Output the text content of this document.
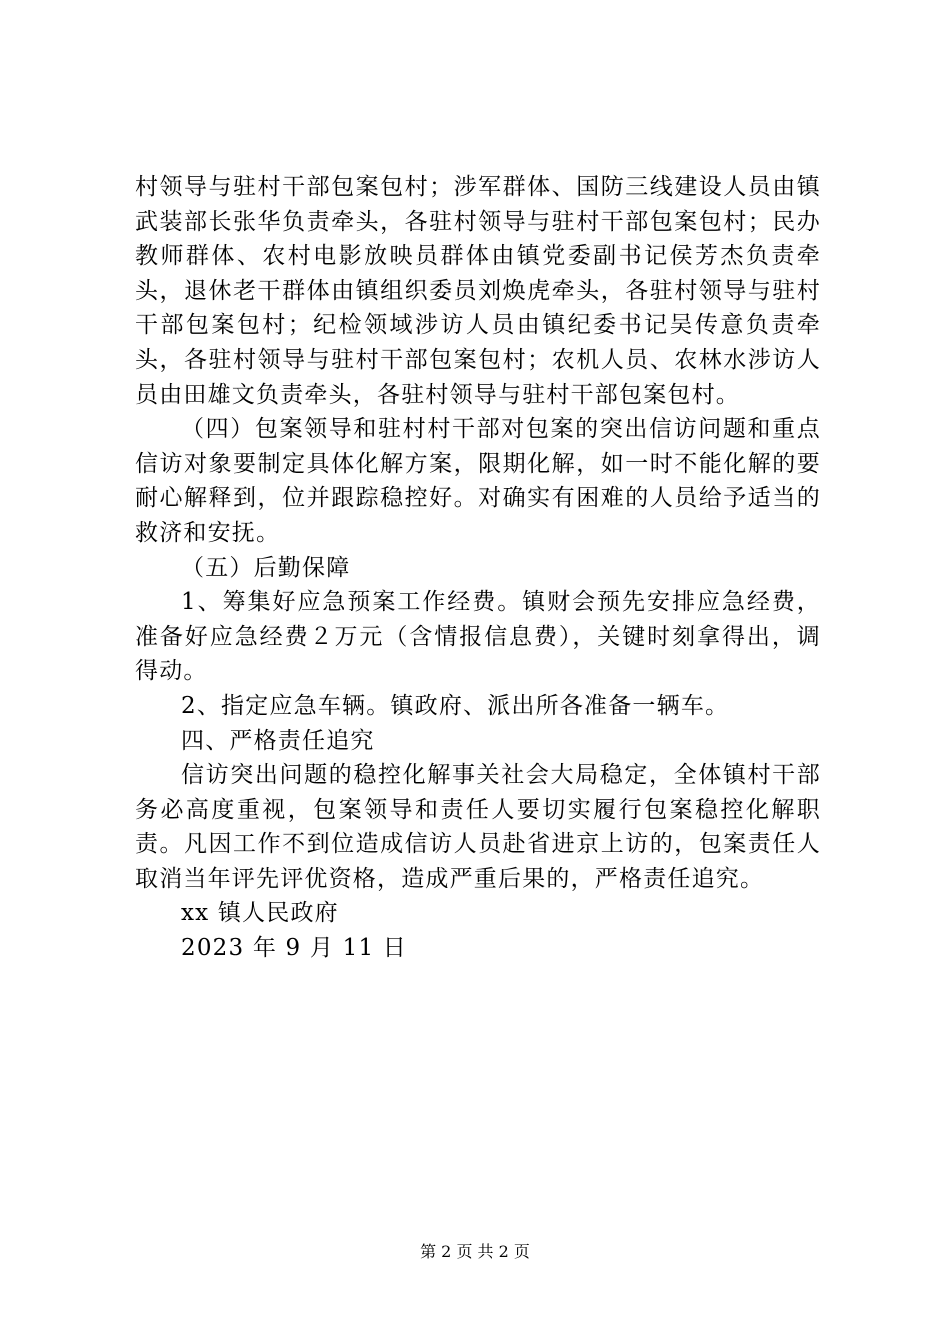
村领导与驻村干部包案包村；涉军群体、国防三线建设人员由镇武装部长张华负责牵头，各驻村领导与驻村干部包案包村；民办教师群体、农村电影放映员群体由镇党委副书记侯芳杰负责牵头，退休老干群体由镇组织委员刘焕虎牵头，各驻村领导与驻村干部包案包村；纪检领域涉访人员由镇纪委书记吴传意负责牵头，各驻村领导与驻村干部包案包村；农机人员、农林水涉访人员由田雄文负责牵头，各驻村领导与驻村干部包案包村。

（四）包案领导和驻村村干部对包案的突出信访问题和重点信访对象要制定具体化解方案，限期化解，如一时不能化解的要耐心解释到，位并跟踪稳控好。对确实有困难的人员给予适当的救济和安抚。

（五）后勤保障

1、筹集好应急预案工作经费。镇财会预先安排应急经费，准备好应急经费２万元（含情报信息费），关键时刻拿得出，调得动。

2、指定应急车辆。镇政府、派出所各准备一辆车。

四、严格责任追究

信访突出问题的稳控化解事关社会大局稳定，全体镇村干部务必高度重视，包案领导和责任人要切实履行包案稳控化解职责。凡因工作不到位造成信访人员赴省进京上访的，包案责任人取消当年评先评优资格，造成严重后果的，严格责任追究。

xx 镇人民政府

2023 年 9 月 11 日

第 2 页 共 2 页
